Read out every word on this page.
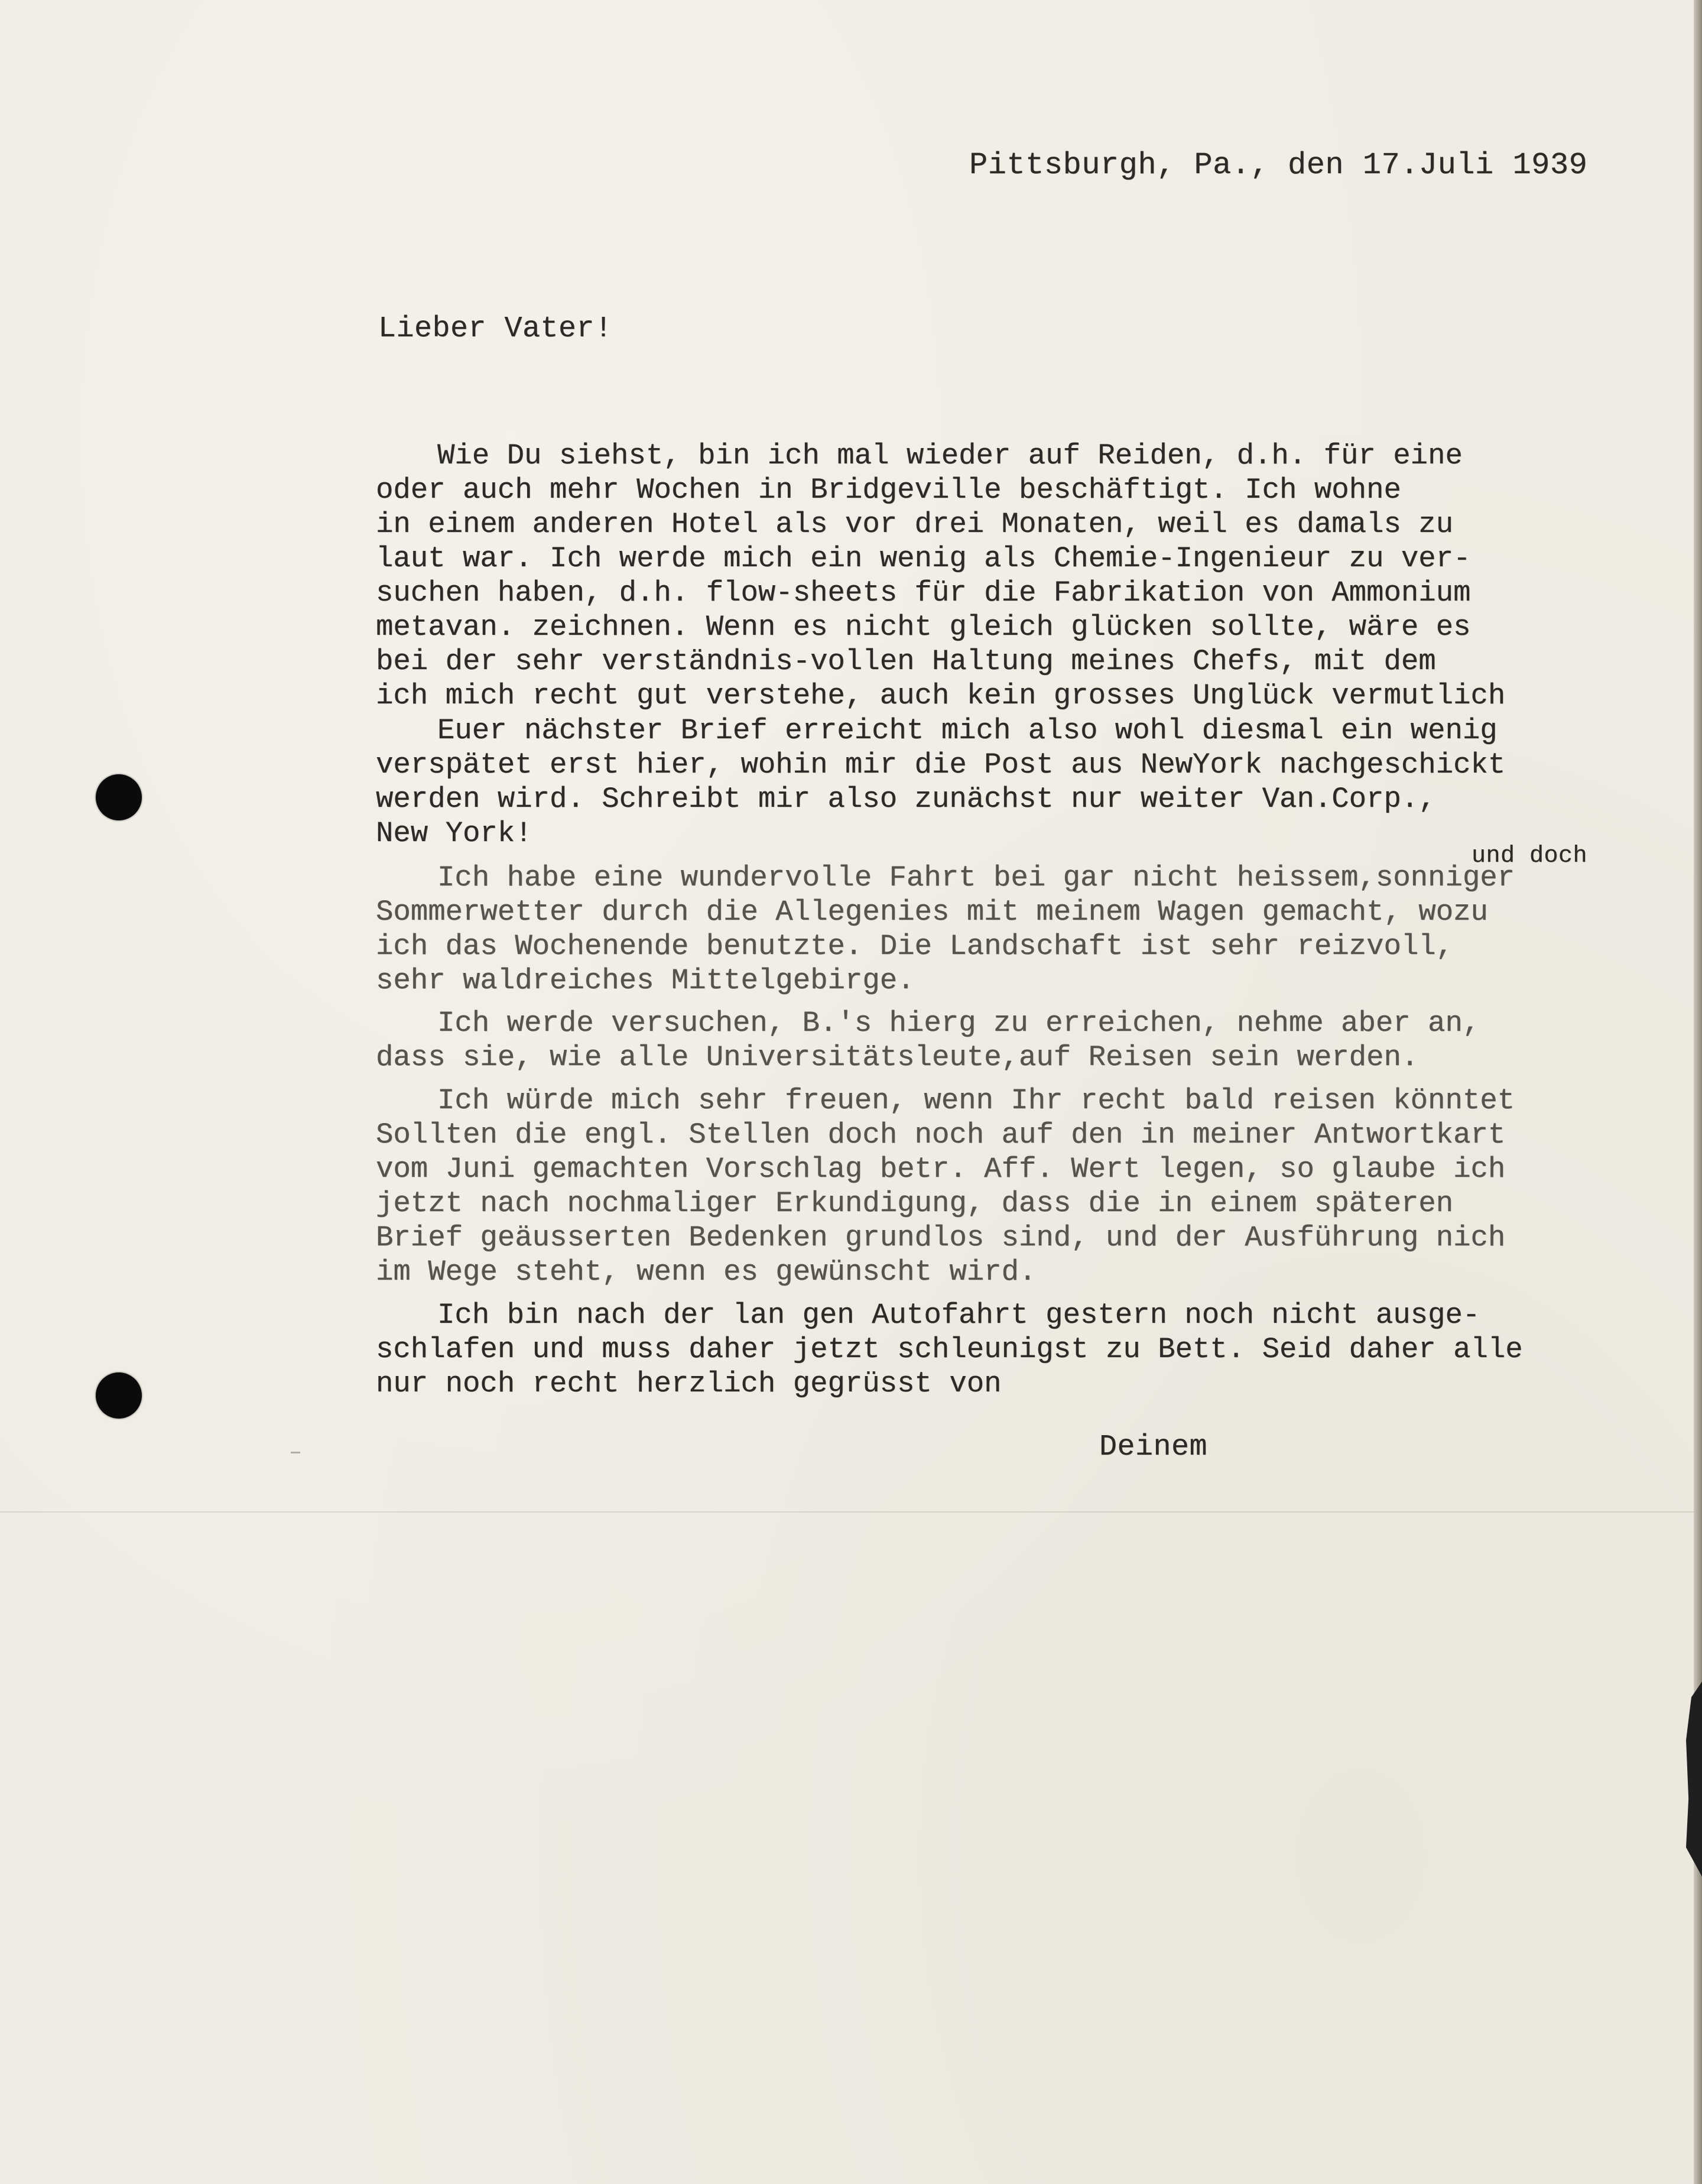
Pittsburgh, Pa., den 17.Juli 1939
Lieber Vater!
Wie Du siehst, bin ich mal wieder auf Reiden, d.h. für eine
oder auch mehr Wochen in Bridgeville beschäftigt. Ich wohne
in einem anderen Hotel als vor drei Monaten, weil es damals zu
laut war. Ich werde mich ein wenig als Chemie-Ingenieur zu ver-
suchen haben, d.h. flow-sheets für die Fabrikation von Ammonium
metavan. zeichnen. Wenn es nicht gleich glücken sollte, wäre es
bei der sehr verständnis-vollen Haltung meines Chefs, mit dem
ich mich recht gut verstehe, auch kein grosses Unglück vermutlich
Euer nächster Brief erreicht mich also wohl diesmal ein wenig
verspätet erst hier, wohin mir die Post aus NewYork nachgeschickt
werden wird. Schreibt mir also zunächst nur weiter Van.Corp.,
New York!
und doch
Ich habe eine wundervolle Fahrt bei gar nicht heissem,sonniger
Sommerwetter durch die Allegenies mit meinem Wagen gemacht, wozu
ich das Wochenende benutzte. Die Landschaft ist sehr reizvoll,
sehr waldreiches Mittelgebirge.
Ich werde versuchen, B.'s hierg zu erreichen, nehme aber an,
dass sie, wie alle Universitätsleute,auf Reisen sein werden.
Ich würde mich sehr freuen, wenn Ihr recht bald reisen könntet
Sollten die engl. Stellen doch noch auf den in meiner Antwortkart
vom Juni gemachten Vorschlag betr. Aff. Wert legen, so glaube ich
jetzt nach nochmaliger Erkundigung, dass die in einem späteren
Brief geäusserten Bedenken grundlos sind, und der Ausführung nich
im Wege steht, wenn es gewünscht wird.
Ich bin nach der lan gen Autofahrt gestern noch nicht ausge-
schlafen und muss daher jetzt schleunigst zu Bett. Seid daher alle
nur noch recht herzlich gegrüsst von
Deinem
